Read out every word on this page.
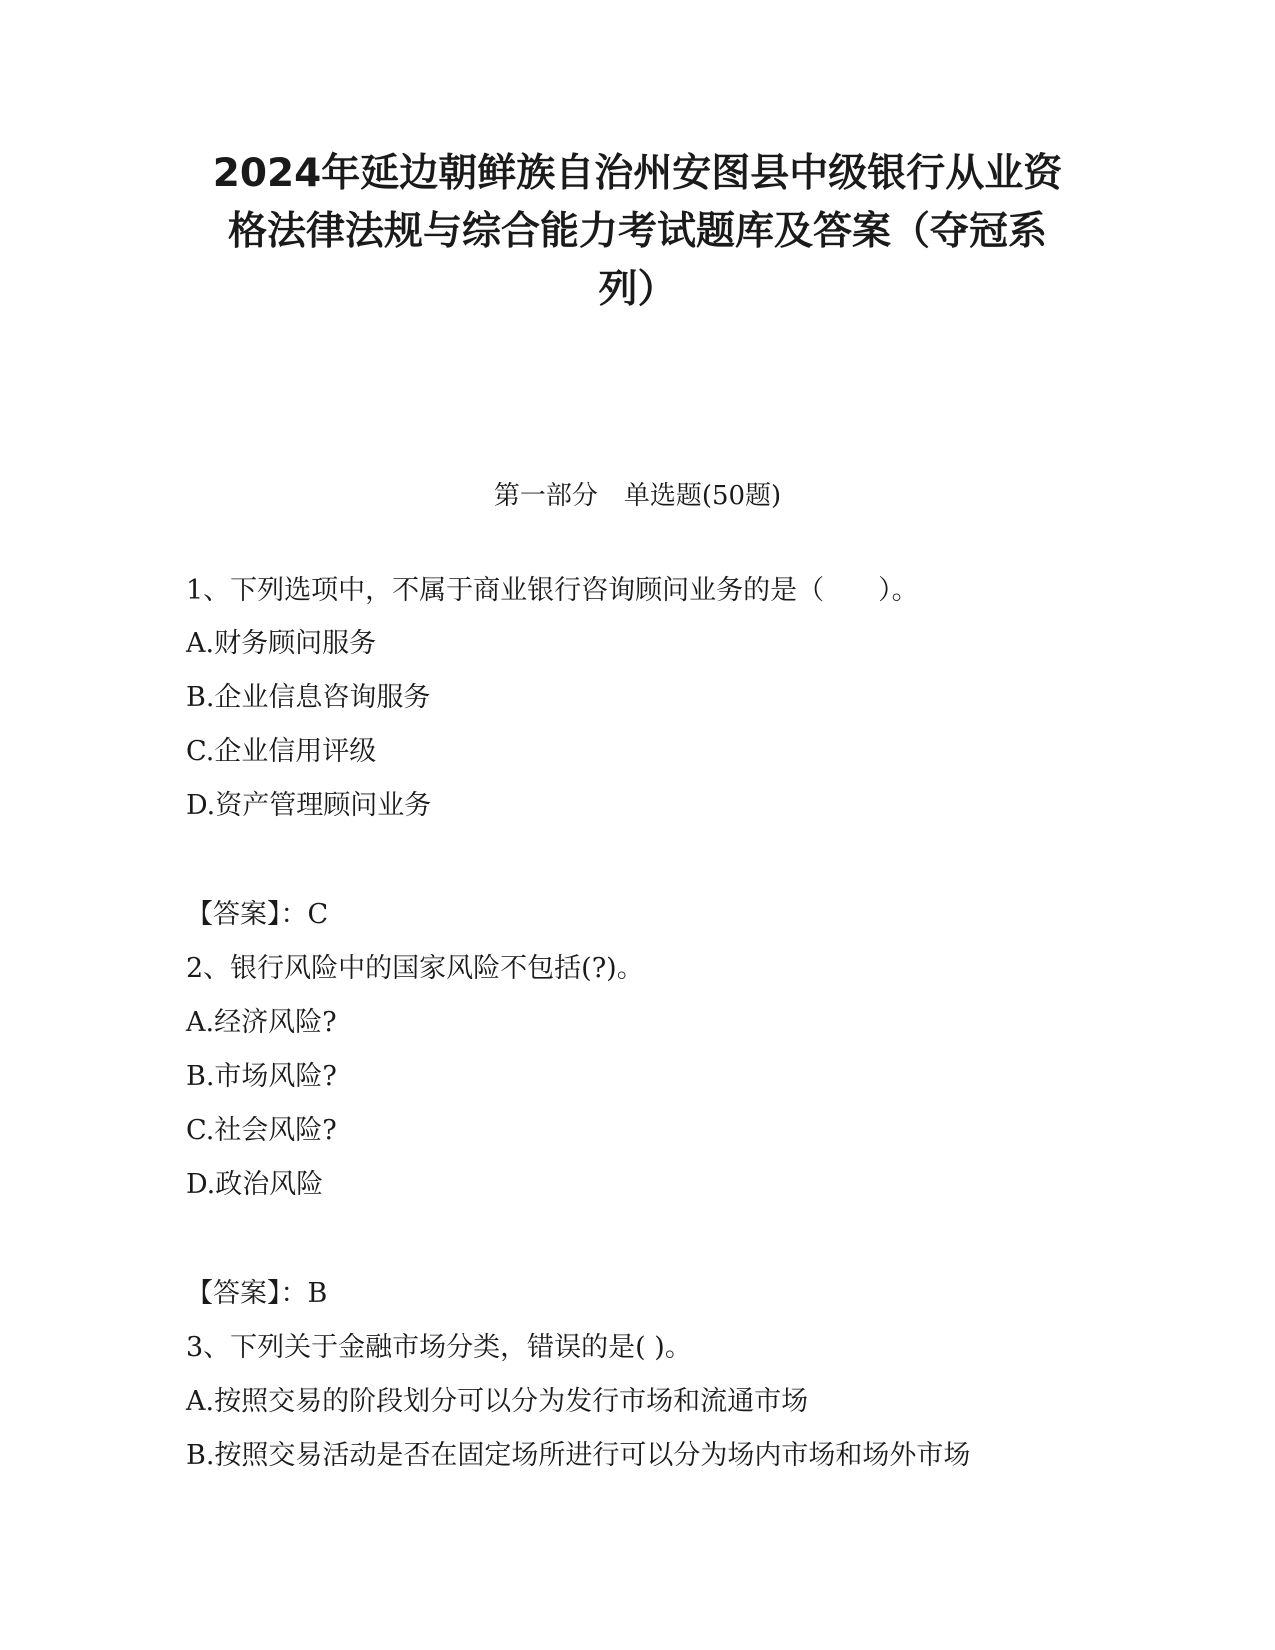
2024年延边朝鲜族自治州安图县中级银行从业资
格法律法规与综合能力考试题库及答案（夺冠系
列）
第一部分　单选题(50题)
1、下列选项中，不属于商业银行咨询顾问业务的是（　　）。
A.财务顾问服务
B.企业信息咨询服务
C.企业信用评级
D.资产管理顾问业务
【答案】：C
2、银行风险中的国家风险不包括(?)。
A.经济风险?
B.市场风险?
C.社会风险?
D.政治风险
【答案】：B
3、下列关于金融市场分类，错误的是( )。
A.按照交易的阶段划分可以分为发行市场和流通市场
B.按照交易活动是否在固定场所进行可以分为场内市场和场外市场
